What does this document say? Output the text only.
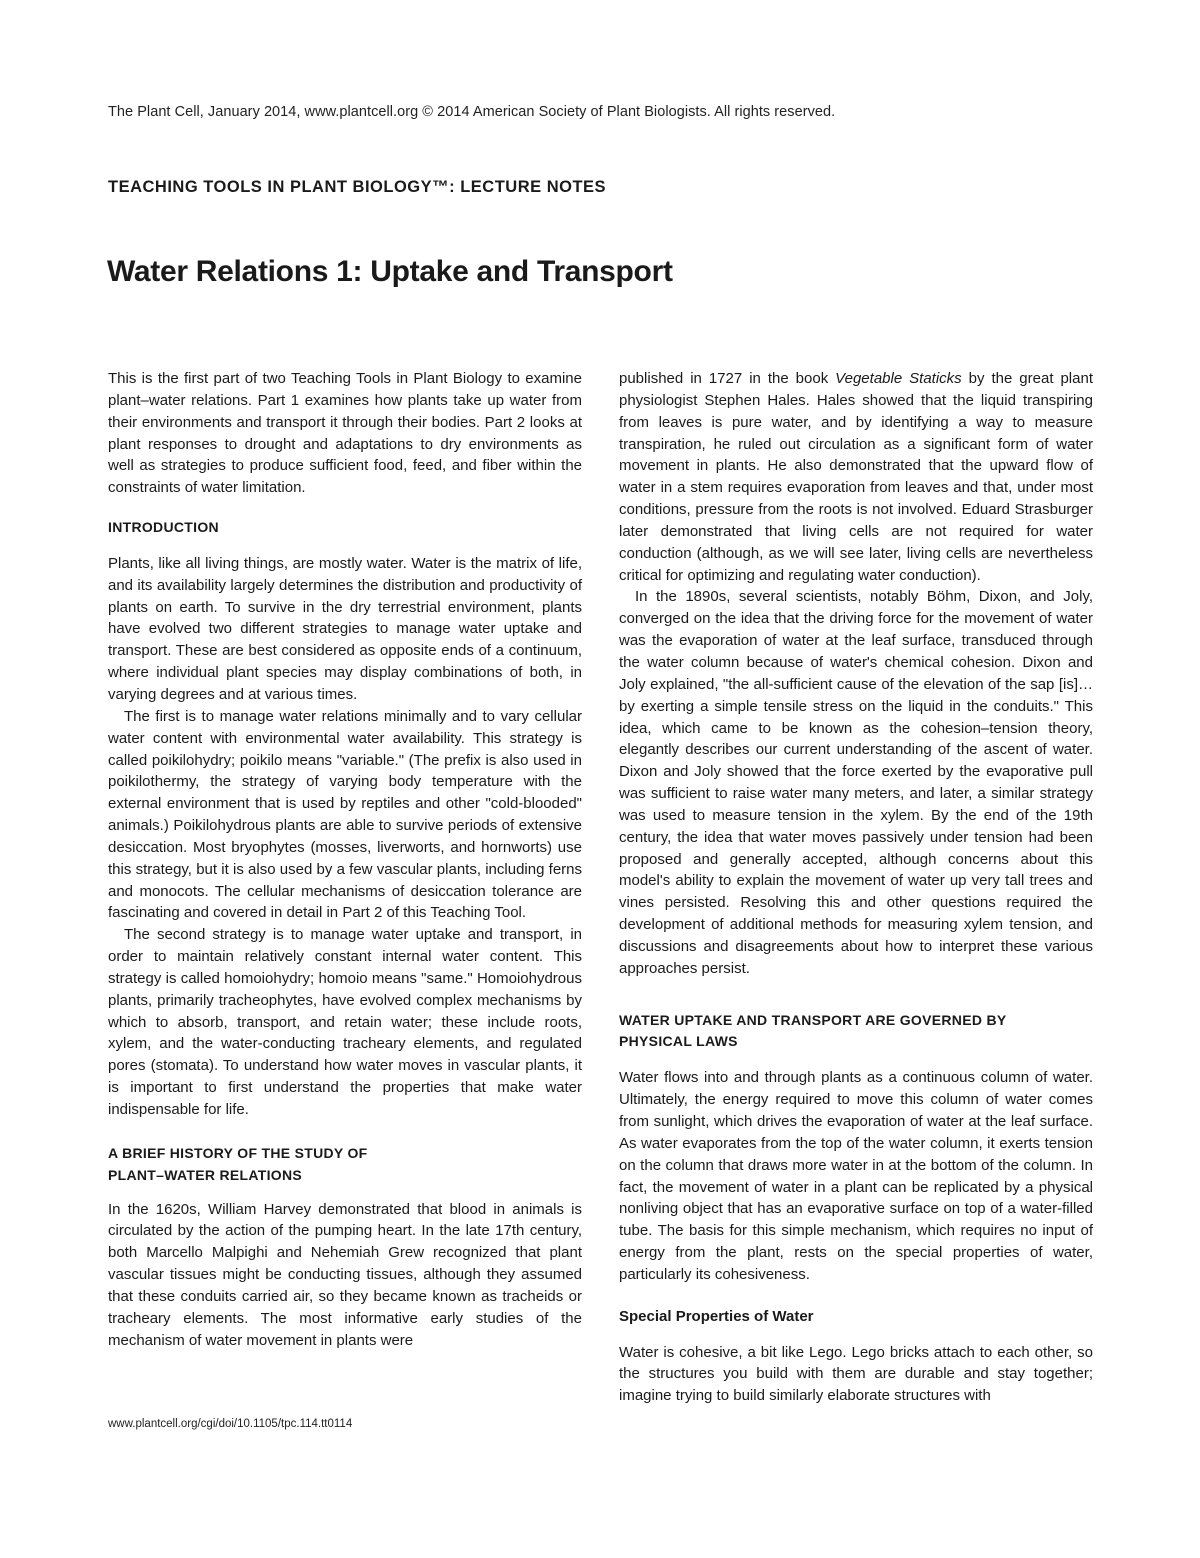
The Plant Cell, January 2014, www.plantcell.org © 2014 American Society of Plant Biologists. All rights reserved.
TEACHING TOOLS IN PLANT BIOLOGY™: LECTURE NOTES
Water Relations 1: Uptake and Transport

This is the first part of two Teaching Tools in Plant Biology to examine plant–water relations. Part 1 examines how plants take up water from their environments and transport it through their bodies. Part 2 looks at plant responses to drought and adaptations to dry environments as well as strategies to produce sufficient food, feed, and fiber within the constraints of water limitation.

INTRODUCTION

Plants, like all living things, are mostly water. Water is the matrix of life, and its availability largely determines the distribution and productivity of plants on earth. To survive in the dry terrestrial environment, plants have evolved two different strategies to manage water uptake and transport. These are best considered as opposite ends of a continuum, where individual plant species may display combinations of both, in varying degrees and at various times.

The first is to manage water relations minimally and to vary cellular water content with environmental water availability. This strategy is called poikilohydry; poikilo means "variable." (The prefix is also used in poikilothermy, the strategy of varying body temperature with the external environment that is used by reptiles and other "cold-blooded" animals.) Poikilohydrous plants are able to survive periods of extensive desiccation. Most bryophytes (mosses, liverworts, and hornworts) use this strategy, but it is also used by a few vascular plants, including ferns and monocots. The cellular mechanisms of desiccation tolerance are fascinating and covered in detail in Part 2 of this Teaching Tool.

The second strategy is to manage water uptake and transport, in order to maintain relatively constant internal water content. This strategy is called homoiohydry; homoio means "same." Homoiohydrous plants, primarily tracheophytes, have evolved complex mechanisms by which to absorb, transport, and retain water; these include roots, xylem, and the water-conducting tracheary elements, and regulated pores (stomata). To understand how water moves in vascular plants, it is important to first understand the properties that make water indispensable for life.

A BRIEF HISTORY OF THE STUDY OF
PLANT–WATER RELATIONS

In the 1620s, William Harvey demonstrated that blood in animals is circulated by the action of the pumping heart. In the late 17th century, both Marcello Malpighi and Nehemiah Grew recognized that plant vascular tissues might be conducting tissues, although they assumed that these conduits carried air, so they became known as tracheids or tracheary elements. The most informative early studies of the mechanism of water movement in plants were

published in 1727 in the book Vegetable Staticks by the great plant physiologist Stephen Hales. Hales showed that the liquid transpiring from leaves is pure water, and by identifying a way to measure transpiration, he ruled out circulation as a significant form of water movement in plants. He also demonstrated that the upward flow of water in a stem requires evaporation from leaves and that, under most conditions, pressure from the roots is not involved. Eduard Strasburger later demonstrated that living cells are not required for water conduction (although, as we will see later, living cells are nevertheless critical for optimizing and regulating water conduction).

In the 1890s, several scientists, notably Böhm, Dixon, and Joly, converged on the idea that the driving force for the movement of water was the evaporation of water at the leaf surface, transduced through the water column because of water's chemical cohesion. Dixon and Joly explained, "the all-sufficient cause of the elevation of the sap [is]…by exerting a simple tensile stress on the liquid in the conduits." This idea, which came to be known as the cohesion–tension theory, elegantly describes our current understanding of the ascent of water. Dixon and Joly showed that the force exerted by the evaporative pull was sufficient to raise water many meters, and later, a similar strategy was used to measure tension in the xylem. By the end of the 19th century, the idea that water moves passively under tension had been proposed and generally accepted, although concerns about this model's ability to explain the movement of water up very tall trees and vines persisted. Resolving this and other questions required the development of additional methods for measuring xylem tension, and discussions and disagreements about how to interpret these various approaches persist.

WATER UPTAKE AND TRANSPORT ARE GOVERNED BY
PHYSICAL LAWS

Water flows into and through plants as a continuous column of water. Ultimately, the energy required to move this column of water comes from sunlight, which drives the evaporation of water at the leaf surface. As water evaporates from the top of the water column, it exerts tension on the column that draws more water in at the bottom of the column. In fact, the movement of water in a plant can be replicated by a physical nonliving object that has an evaporative surface on top of a water-filled tube. The basis for this simple mechanism, which requires no input of energy from the plant, rests on the special properties of water, particularly its cohesiveness.

Special Properties of Water

Water is cohesive, a bit like Lego. Lego bricks attach to each other, so the structures you build with them are durable and stay together; imagine trying to build similarly elaborate structures with

www.plantcell.org/cgi/doi/10.1105/tpc.114.tt0114
